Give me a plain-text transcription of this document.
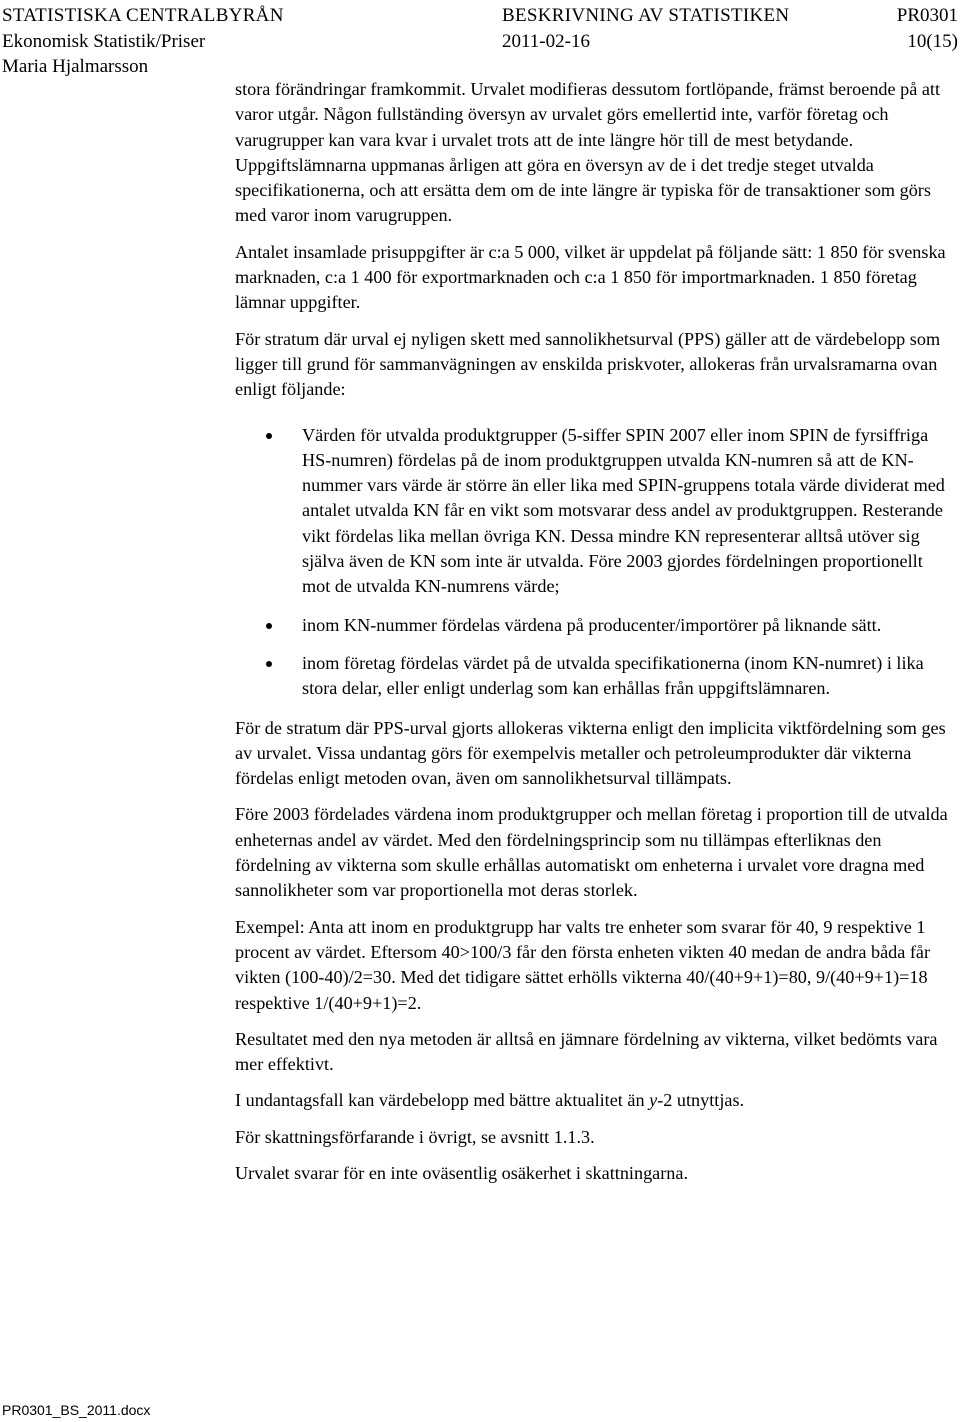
STATISTISKA CENTRALBYRÅN
Ekonomisk Statistik/Priser
Maria Hjalmarsson
BESKRIVNING AV STATISTIKEN
2011-02-16
PR0301
10(15)

stora förändringar framkommit. Urvalet modifieras dessutom fortlöpande, främst beroende på att varor utgår. Någon fullständing översyn av urvalet görs emellertid inte, varför företag och varugrupper kan vara kvar i urvalet trots att de inte längre hör till de mest betydande. Uppgiftslämnarna uppmanas årligen att göra en översyn av de i det tredje steget utvalda specifikationerna, och att ersätta dem om de inte längre är typiska för de transaktioner som görs med varor inom varugruppen.

Antalet insamlade prisuppgifter är c:a 5 000, vilket är uppdelat på följande sätt: 1 850 för svenska marknaden, c:a 1 400 för exportmarknaden och c:a 1 850 för importmarknaden. 1 850 företag lämnar uppgifter.

För stratum där urval ej nyligen skett med sannolikhetsurval (PPS) gäller att de värdebelopp som ligger till grund för sammanvägningen av enskilda priskvoter, allokeras från urvalsramarna ovan enligt följande:

Värden för utvalda produktgrupper (5-siffer SPIN 2007 eller inom SPIN de fyrsiffriga HS-numren) fördelas på de inom produktgruppen utvalda KN-numren så att de KN-nummer vars värde är större än eller lika med SPIN-gruppens totala värde dividerat med antalet utvalda KN får en vikt som motsvarar dess andel av produktgruppen. Resterande vikt fördelas lika mellan övriga KN. Dessa mindre KN representerar alltså utöver sig själva även de KN som inte är utvalda. Före 2003 gjordes fördelningen proportionellt mot de utvalda KN-numrens värde;
inom KN-nummer fördelas värdena på producenter/importörer på liknande sätt.
inom företag fördelas värdet på de utvalda specifikationerna (inom KN-numret) i lika stora delar, eller enligt underlag som kan erhållas från uppgiftslämnaren.

För de stratum där PPS-urval gjorts allokeras vikterna enligt den implicita viktfördelning som ges av urvalet. Vissa undantag görs för exempelvis metaller och petroleumprodukter där vikterna fördelas enligt metoden ovan, även om sannolikhetsurval tillämpats.

Före 2003 fördelades värdena inom produktgrupper och mellan företag i proportion till de utvalda enheternas andel av värdet. Med den fördelningsprincip som nu tillämpas efterliknas den fördelning av vikterna som skulle erhållas automatiskt om enheterna i urvalet vore dragna med sannolikheter som var proportionella mot deras storlek.

Exempel: Anta att inom en produktgrupp har valts tre enheter som svarar för 40, 9 respektive 1 procent av värdet. Eftersom 40>100/3 får den första enheten vikten 40 medan de andra båda får vikten (100-40)/2=30. Med det tidigare sättet erhölls vikterna 40/(40+9+1)=80, 9/(40+9+1)=18 respektive 1/(40+9+1)=2.

Resultatet med den nya metoden är alltså en jämnare fördelning av vikterna, vilket bedömts vara mer effektivt.

I undantagsfall kan värdebelopp med bättre aktualitet än y-2 utnyttjas.

För skattningsförfarande i övrigt, se avsnitt 1.1.3.

Urvalet svarar för en inte oväsentlig osäkerhet i skattningarna.

PR0301_BS_2011.docx
